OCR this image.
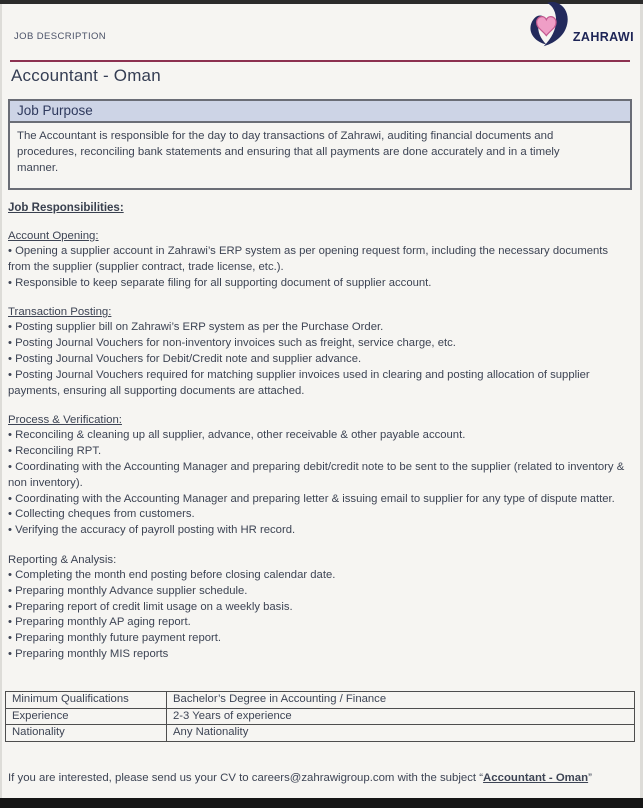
JOB DESCRIPTION	ZAHRAWI
Accountant - Oman
Job Purpose
The Accountant is responsible for the day to day transactions of Zahrawi, auditing financial documents and procedures, reconciling bank statements and ensuring that all payments are done accurately and in a timely manner.
Job Responsibilities:
Account Opening:
• Opening a supplier account in Zahrawi’s ERP system as per opening request form, including the necessary documents from the supplier (supplier contract, trade license, etc.).
• Responsible to keep separate filing for all supporting document of supplier account.
Transaction Posting:
• Posting supplier bill on Zahrawi’s ERP system as per the Purchase Order.
• Posting Journal Vouchers for non-inventory invoices such as freight, service charge, etc.
• Posting Journal Vouchers for Debit/Credit note and supplier advance.
• Posting Journal Vouchers required for matching supplier invoices used in clearing and posting allocation of supplier payments, ensuring all supporting documents are attached.
Process & Verification:
• Reconciling & cleaning up all supplier, advance, other receivable & other payable account.
• Reconciling RPT.
• Coordinating with the Accounting Manager and preparing debit/credit note to be sent to the supplier (related to inventory & non inventory).
• Coordinating with the Accounting Manager and preparing letter & issuing email to supplier for any type of dispute matter.
• Collecting cheques from customers.
• Verifying the accuracy of payroll posting with HR record.
Reporting & Analysis:
• Completing the month end posting before closing calendar date.
• Preparing monthly Advance supplier schedule.
• Preparing report of credit limit usage on a weekly basis.
• Preparing monthly AP aging report.
• Preparing monthly future payment report.
• Preparing monthly MIS reports
Minimum Qualifications	Bachelor’s Degree in Accounting / Finance
Experience	2-3 Years of experience
Nationality	Any Nationality
If you are interested, please send us your CV to careers@zahrawigroup.com with the subject “Accountant - Oman”
